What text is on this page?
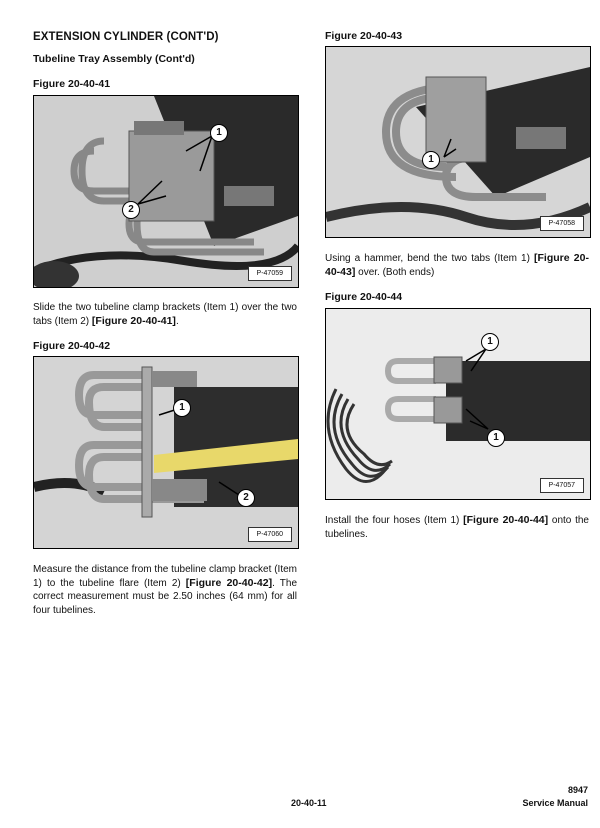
EXTENSION CYLINDER (CONT'D)
Tubeline Tray Assembly (Cont'd)
Figure 20-40-41
1
2
P-47059
Slide the two tubeline clamp brackets (Item 1) over the two tabs (Item 2) [Figure 20-40-41].
Figure 20-40-42
1
2
P-47060
Measure the distance from the tubeline clamp bracket (Item 1) to the tubeline flare (Item 2) [Figure 20-40-42]. The correct measurement must be 2.50 inches (64 mm) for all four tubelines.
Figure 20-40-43
1
P-47058
Using a hammer, bend the two tabs (Item 1) [Figure 20-40-43] over. (Both ends)
Figure 20-40-44
1
1
P-47057
Install the four hoses (Item 1) [Figure 20-40-44] onto the tubelines.
20-40-11
8947
Service Manual
